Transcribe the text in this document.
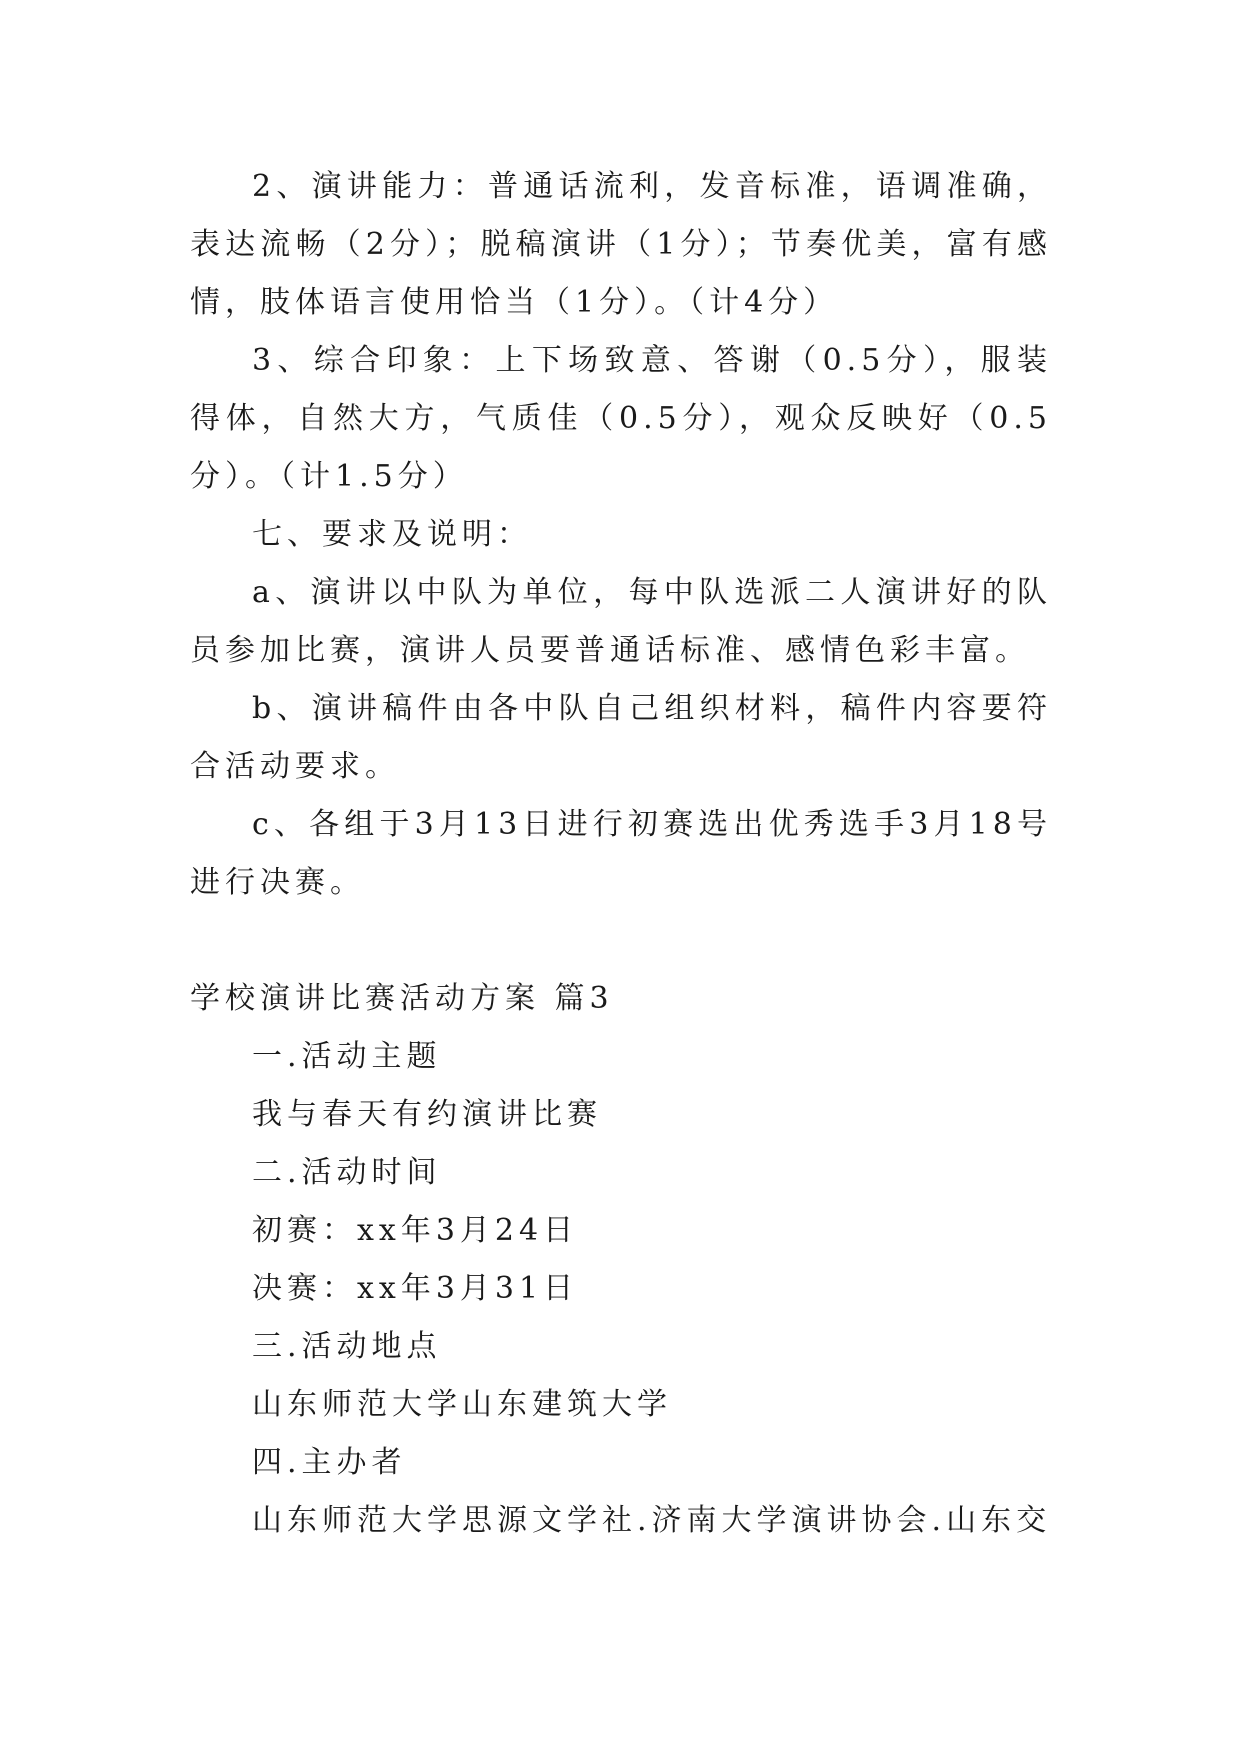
2、演讲能力：普通话流利，发音标准，语调准确，表达流畅（2分）；脱稿演讲（1分）；节奏优美，富有感情，肢体语言使用恰当（1分）。（计4分）

3、综合印象：上下场致意、答谢（0.5分），服装得体，自然大方，气质佳（0.5分），观众反映好（0.5分）。（计1.5分）

七、要求及说明：

a、演讲以中队为单位，每中队选派二人演讲好的队员参加比赛，演讲人员要普通话标准、感情色彩丰富。

b、演讲稿件由各中队自己组织材料，稿件内容要符合活动要求。

c、各组于3月13日进行初赛选出优秀选手3月18号进行决赛。

学校演讲比赛活动方案 篇3

一.活动主题

我与春天有约演讲比赛

二.活动时间

初赛：xx年3月24日

决赛：xx年3月31日

三.活动地点

山东师范大学山东建筑大学

四.主办者

山东师范大学思源文学社.济南大学演讲协会.山东交
